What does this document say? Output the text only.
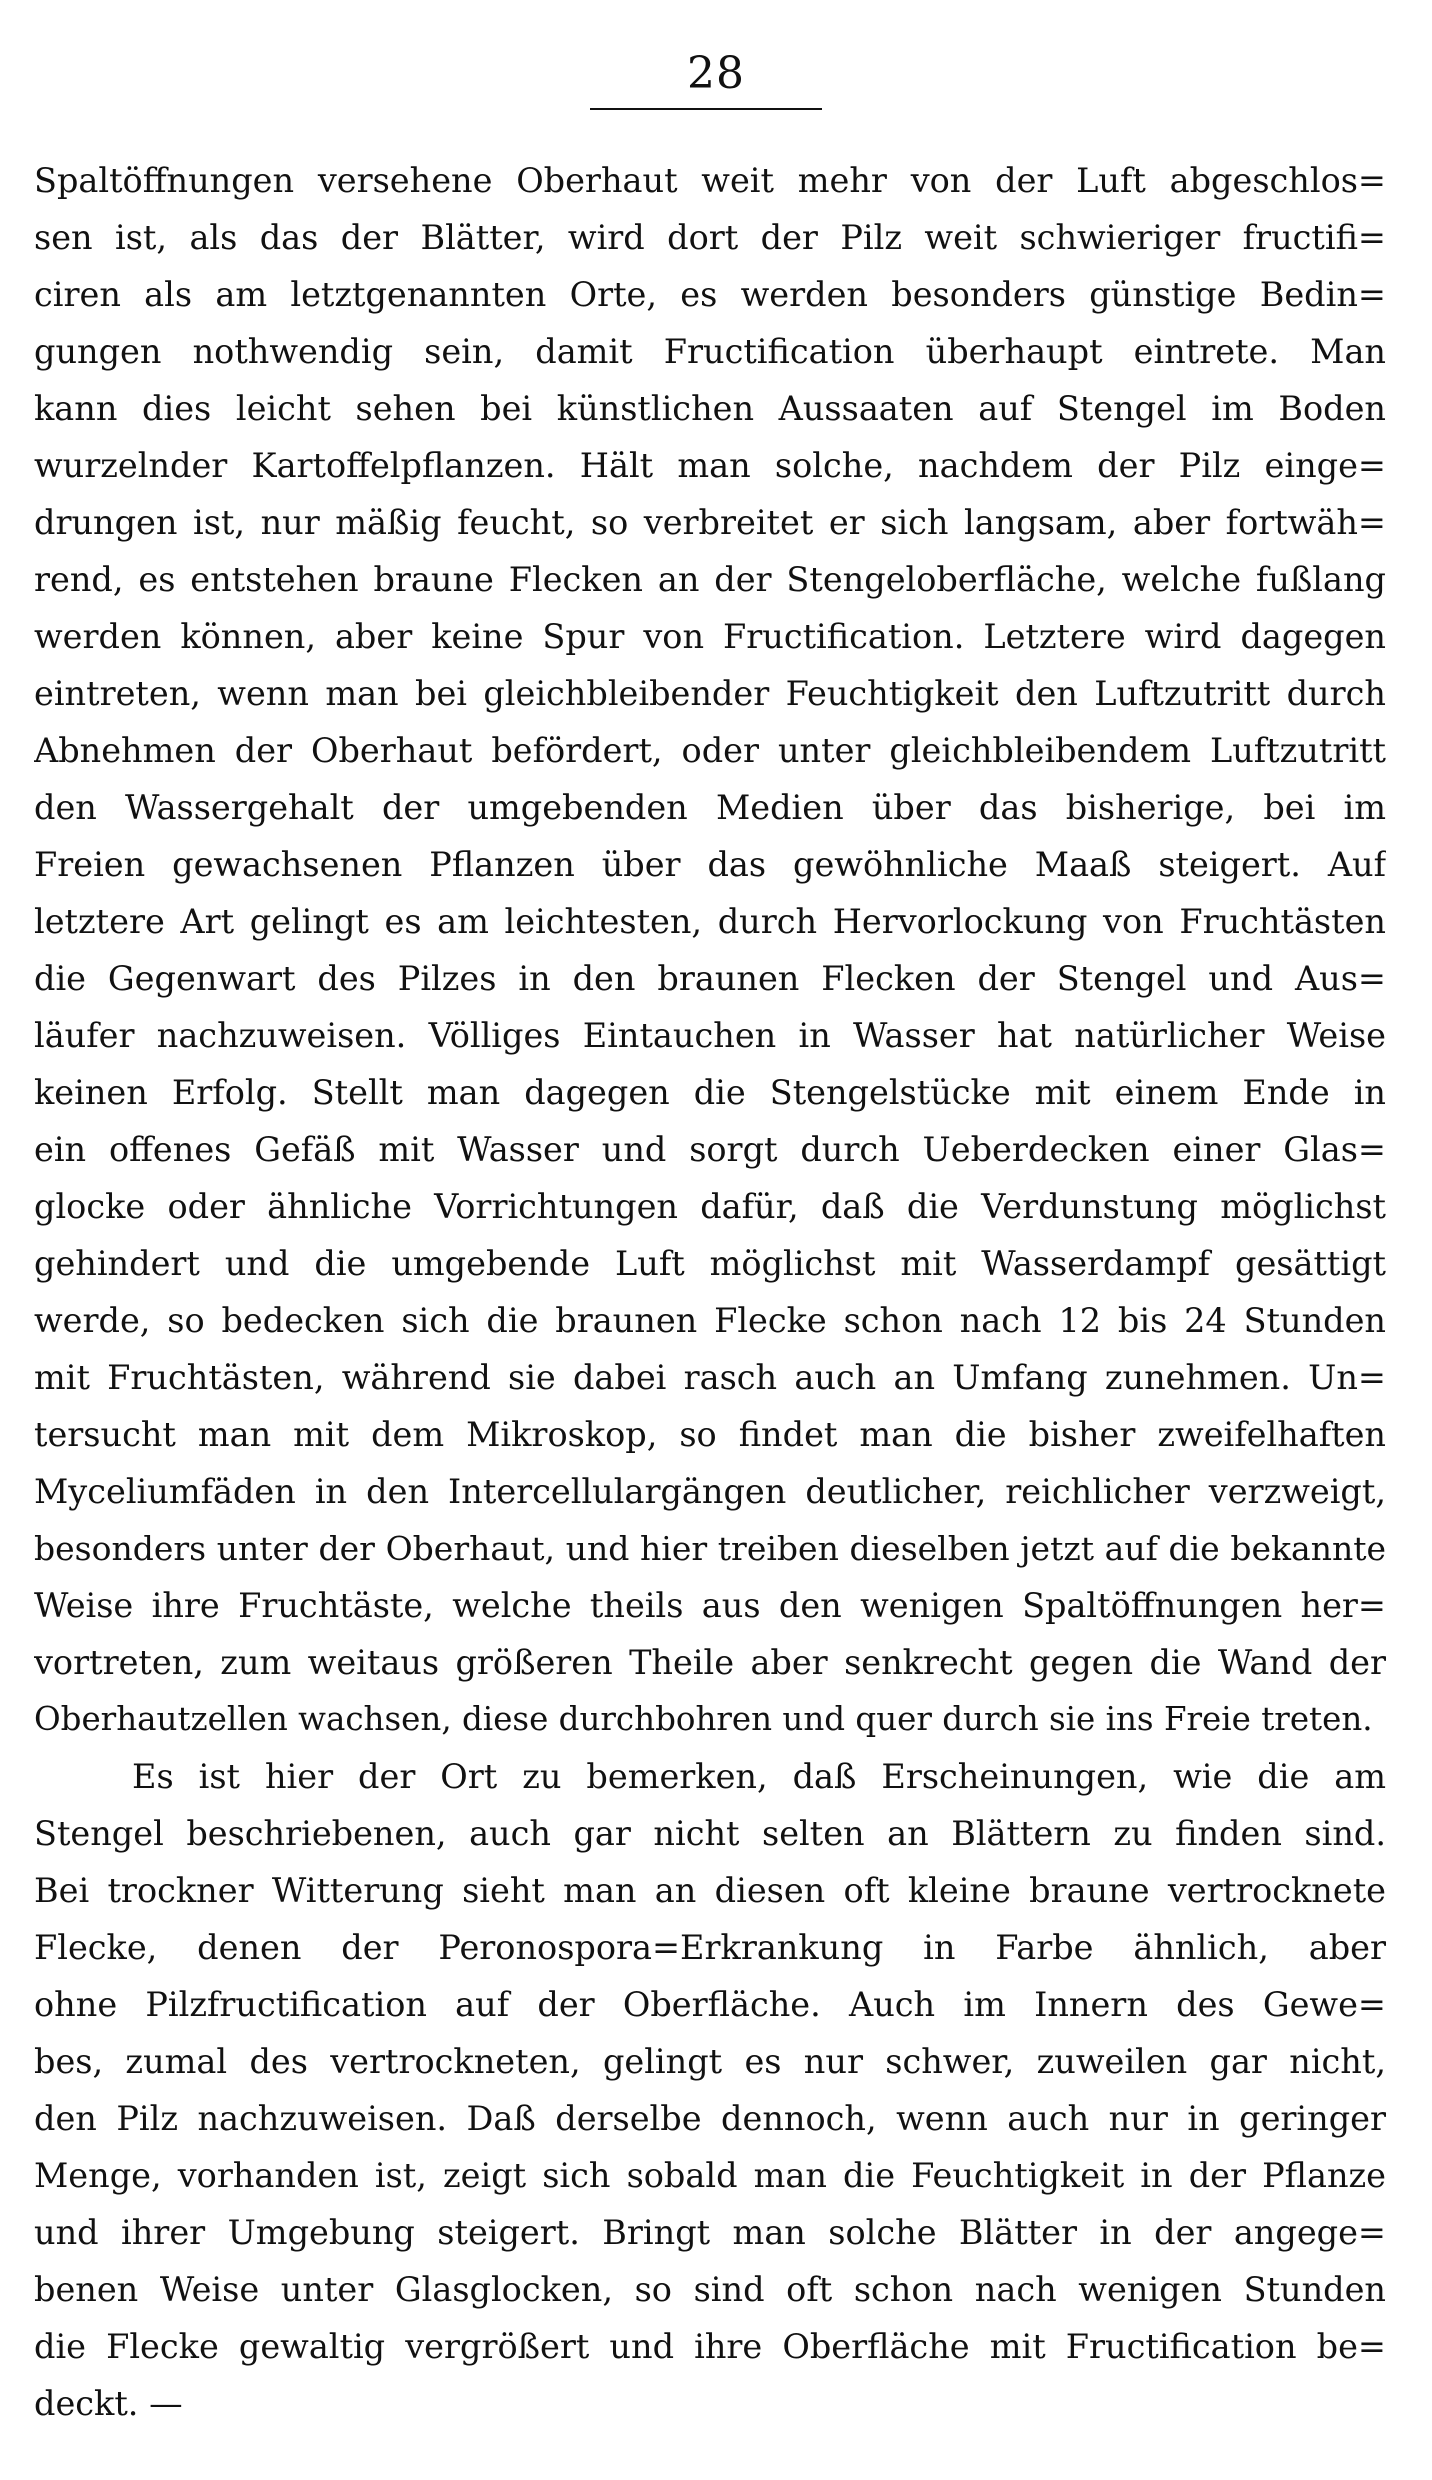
28
Spaltöffnungen versehene Oberhaut weit mehr von der Luft abgeschlos=
sen ist, als das der Blätter, wird dort der Pilz weit schwieriger fructifi=
ciren als am letztgenannten Orte, es werden besonders günstige Bedin=
gungen nothwendig sein, damit Fructification überhaupt eintrete. Man
kann dies leicht sehen bei künstlichen Aussaaten auf Stengel im Boden
wurzelnder Kartoffelpflanzen. Hält man solche, nachdem der Pilz einge=
drungen ist, nur mäßig feucht, so verbreitet er sich langsam, aber fortwäh=
rend, es entstehen braune Flecken an der Stengeloberfläche, welche fußlang
werden können, aber keine Spur von Fructification. Letztere wird dagegen
eintreten, wenn man bei gleichbleibender Feuchtigkeit den Luftzutritt durch
Abnehmen der Oberhaut befördert, oder unter gleichbleibendem Luftzutritt
den Wassergehalt der umgebenden Medien über das bisherige, bei im
Freien gewachsenen Pflanzen über das gewöhnliche Maaß steigert. Auf
letztere Art gelingt es am leichtesten, durch Hervorlockung von Fruchtästen
die Gegenwart des Pilzes in den braunen Flecken der Stengel und Aus=
läufer nachzuweisen. Völliges Eintauchen in Wasser hat natürlicher Weise
keinen Erfolg. Stellt man dagegen die Stengelstücke mit einem Ende in
ein offenes Gefäß mit Wasser und sorgt durch Ueberdecken einer Glas=
glocke oder ähnliche Vorrichtungen dafür, daß die Verdunstung möglichst
gehindert und die umgebende Luft möglichst mit Wasserdampf gesättigt
werde, so bedecken sich die braunen Flecke schon nach 12 bis 24 Stunden
mit Fruchtästen, während sie dabei rasch auch an Umfang zunehmen. Un=
tersucht man mit dem Mikroskop, so findet man die bisher zweifelhaften
Myceliumfäden in den Intercellulargängen deutlicher, reichlicher verzweigt,
besonders unter der Oberhaut, und hier treiben dieselben jetzt auf die bekannte
Weise ihre Fruchtäste, welche theils aus den wenigen Spaltöffnungen her=
vortreten, zum weitaus größeren Theile aber senkrecht gegen die Wand der
Oberhautzellen wachsen, diese durchbohren und quer durch sie ins Freie treten.
Es ist hier der Ort zu bemerken, daß Erscheinungen, wie die am
Stengel beschriebenen, auch gar nicht selten an Blättern zu finden sind.
Bei trockner Witterung sieht man an diesen oft kleine braune vertrocknete
Flecke, denen der Peronospora=Erkrankung in Farbe ähnlich, aber
ohne Pilzfructification auf der Oberfläche. Auch im Innern des Gewe=
bes, zumal des vertrockneten, gelingt es nur schwer, zuweilen gar nicht,
den Pilz nachzuweisen. Daß derselbe dennoch, wenn auch nur in geringer
Menge, vorhanden ist, zeigt sich sobald man die Feuchtigkeit in der Pflanze
und ihrer Umgebung steigert. Bringt man solche Blätter in der angege=
benen Weise unter Glasglocken, so sind oft schon nach wenigen Stunden
die Flecke gewaltig vergrößert und ihre Oberfläche mit Fructification be=
deckt. —
